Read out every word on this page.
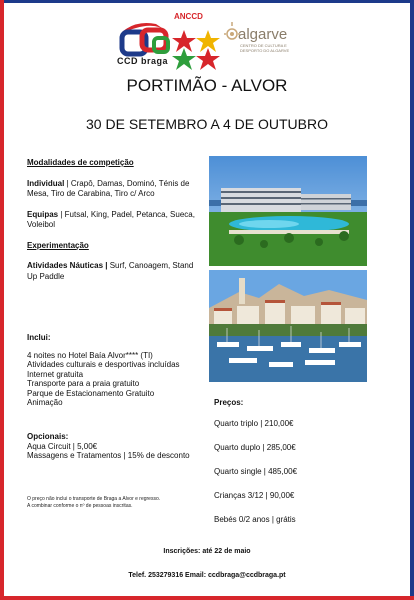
CCD braga
ANCCD
algarve
CENTRO DE CULTURA E DESPORTO DO ALGARVE
PORTIMÃO - ALVOR
30 DE SETEMBRO A 4 DE OUTUBRO
Modalidades de competição
Individual | Crapô, Damas, Dominó, Ténis de Mesa, Tiro de Carabina, Tiro c/ Arco
Equipas | Futsal, King, Padel, Petanca, Sueca, Voleibol
Experimentação
Atividades Náuticas | Surf, Canoagem, Stand Up Paddle
Inclui:
4 noites no Hotel Baía Alvor**** (TI)
Atividades culturais e desportivas incluídas
Internet gratuita
Transporte para a praia gratuito
Parque de Estacionamento Gratuito
Animação
Opcionais:
Aqua Circuit | 5,00€
Massagens e Tratamentos | 15% de desconto
O preço não inclui o transporte de Braga a Alvor e regresso.
A combinar conforme o nº de pessoas inscritas.
Preços:
Quarto triplo | 210,00€
Quarto duplo | 285,00€
Quarto single | 485,00€
Crianças 3/12 | 90,00€
Bebés 0/2 anos | grátis
Inscrições: até 22 de maio
Telef. 253279316 Email: ccdbraga@ccdbraga.pt
